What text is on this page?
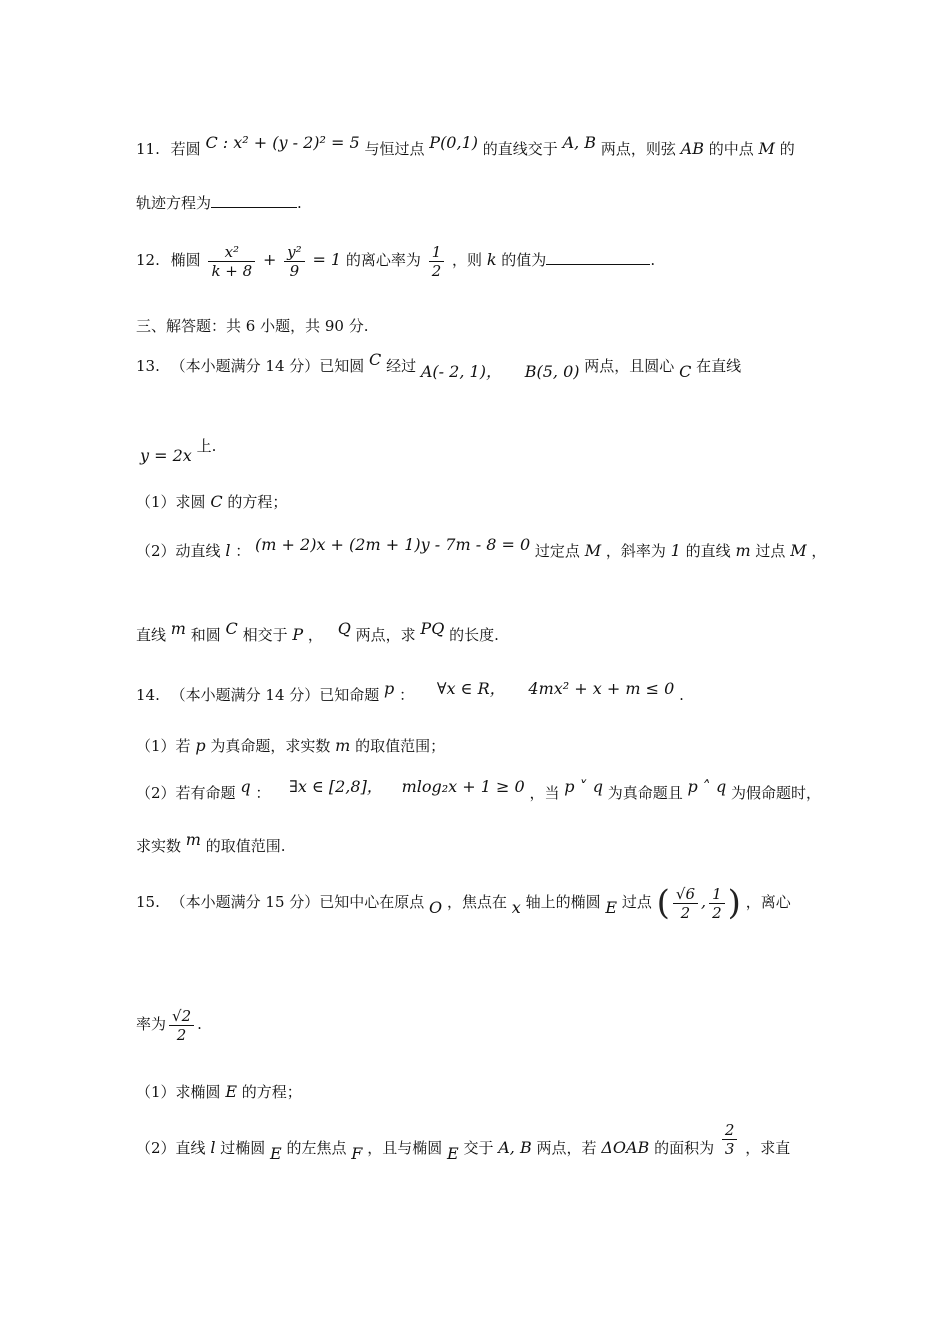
11. 若圆 C : x² + (y - 2)² = 5 与恒过点 P(0,1) 的直线交于 A, B 两点，则弦 AB 的中点 M 的
轨迹方程为	.
12. 椭圆 $\frac{\text{x²}}{k + 8} + \frac{\text{y²}}{9} = 1$ 的离心率为 $\frac{1}{2}$ ，则 k 的值为	.
三、解答题：共 6 小题，共 90 分.
13. （本小题满分 14 分）已知圆 C 经过 A(- 2, 1)， B(5, 0) 两点，且圆心 C 在直线
y = 2x 上.
（1）求圆 C 的方程；
（2）动直线 l ： (m + 2)x + (2m + 1)y - 7m - 8 = 0 过定点 M ，斜率为 1 的直线 m 过点 M ，
直线 m 和圆 C 相交于 P ， Q 两点，求 PQ 的长度.
14. （本小题满分 14 分）已知命题 p ： ∀x ∈ R， 4mx² + x + m ≤ 0 .
（1）若 p 为真命题，求实数 m 的取值范围；
（2）若有命题 q ： ∃x ∈ [2,8]， mlog₂x + 1 ≥ 0 ，当 p ˅ q 为真命题且 p ˄ q 为假命题时，
求实数 m 的取值范围.
15. （本小题满分 15 分）已知中心在原点 O ，焦点在 x 轴上的椭圆 E 过点 ( $\frac{√6}{2}$ , $\frac{1}{2}$ ) ，离心
率为 $\frac{√2}{2}$ .
（1）求椭圆 E 的方程；
（2）直线 l 过椭圆 E 的左焦点 F ，且与椭圆 E 交于 A, B 两点，若 ΔOAB 的面积为 $\frac{2}{3}$ ，求直
